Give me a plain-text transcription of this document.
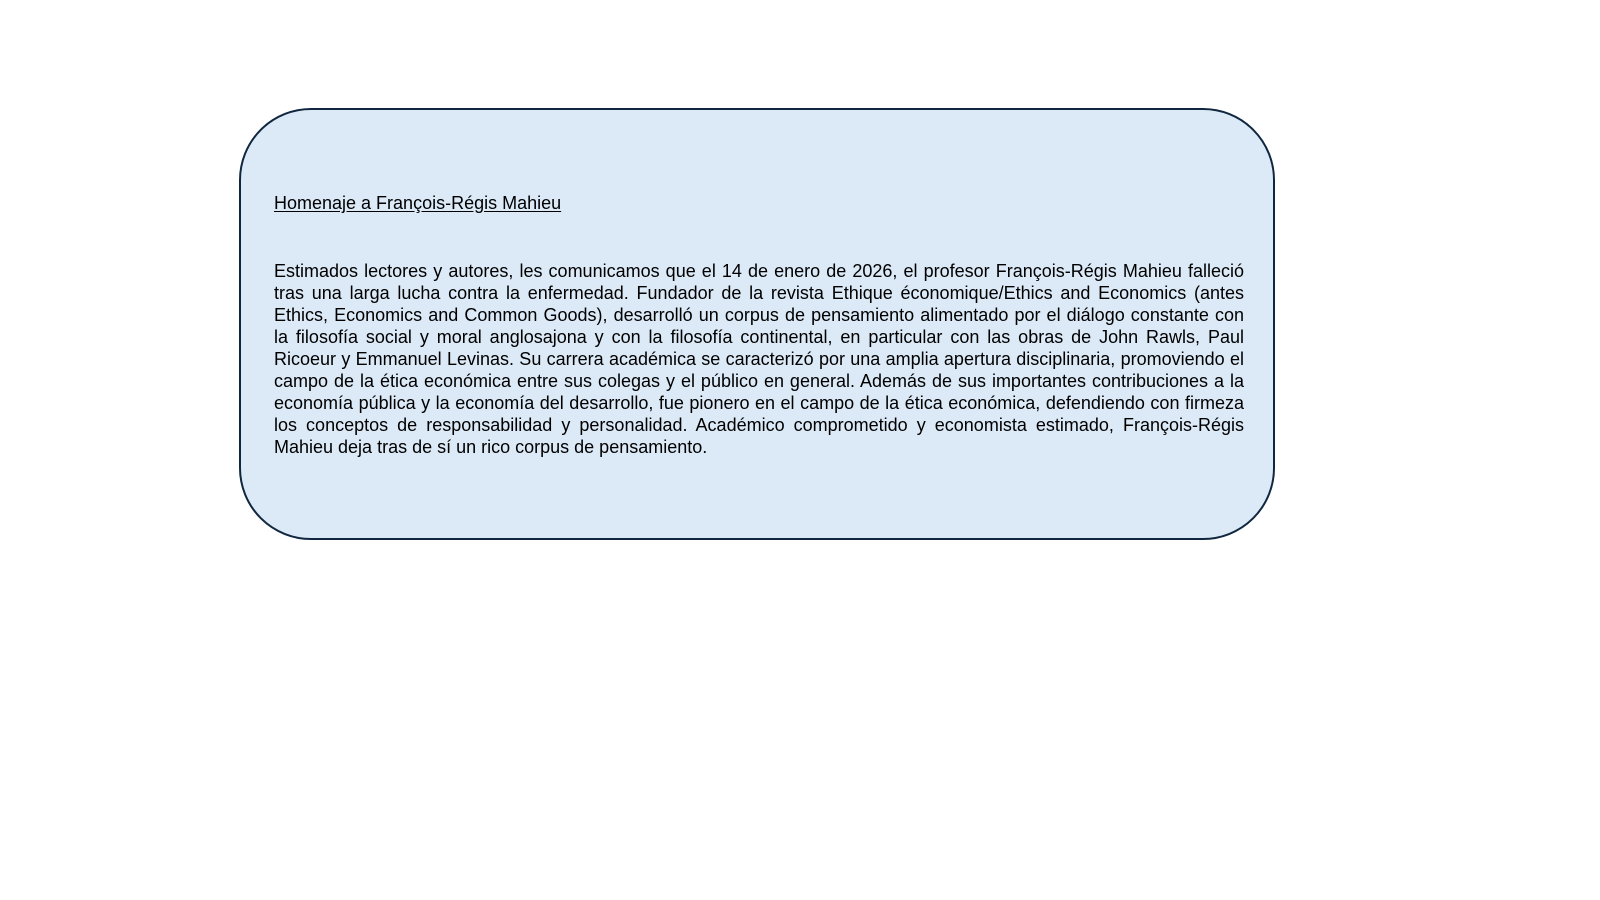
Homenaje a François-Régis Mahieu

Estimados lectores y autores, les comunicamos que el 14 de enero de 2026, el profesor François-Régis Mahieu falleció tras una larga lucha contra la enfermedad. Fundador de la revista Ethique économique/Ethics and Economics (antes Ethics, Economics and Common Goods), desarrolló un corpus de pensamiento alimentado por el diálogo constante con la filosofía social y moral anglosajona y con la filosofía continental, en particular con las obras de John Rawls, Paul Ricoeur y Emmanuel Levinas. Su carrera académica se caracterizó por una amplia apertura disciplinaria, promoviendo el campo de la ética económica entre sus colegas y el público en general. Además de sus importantes contribuciones a la economía pública y la economía del desarrollo, fue pionero en el campo de la ética económica, defendiendo con firmeza los conceptos de responsabilidad y personalidad. Académico comprometido y economista estimado, François-Régis Mahieu deja tras de sí un rico corpus de pensamiento.
